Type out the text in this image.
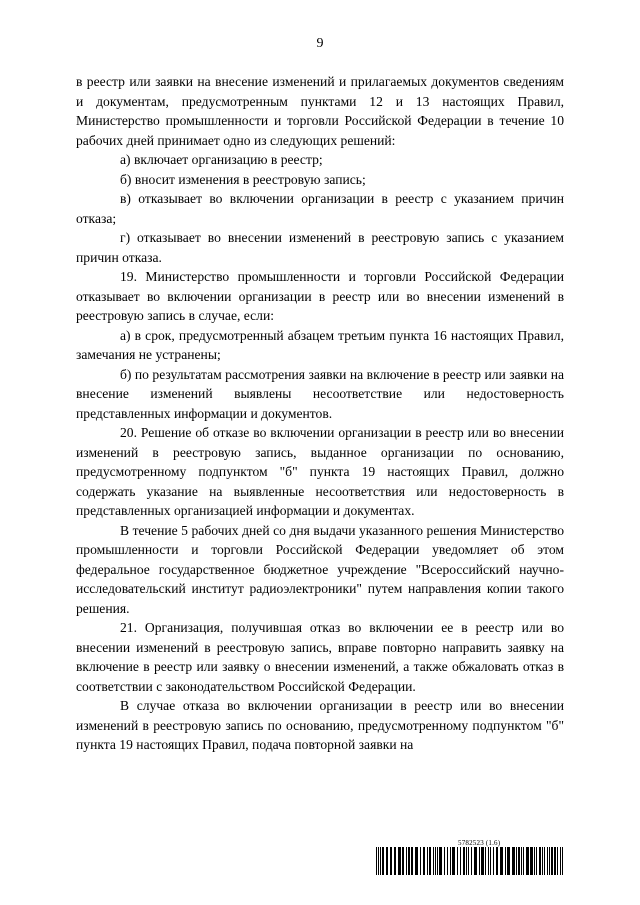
9

в реестр или заявки на внесение изменений и прилагаемых документов сведениям и документам, предусмотренным пунктами 12 и 13 настоящих Правил, Министерство промышленности и торговли Российской Федерации в течение 10 рабочих дней принимает одно из следующих решений:

а) включает организацию в реестр;

б) вносит изменения в реестровую запись;

в) отказывает во включении организации в реестр с указанием причин отказа;

г) отказывает во внесении изменений в реестровую запись с указанием причин отказа.

19. Министерство промышленности и торговли Российской Федерации отказывает во включении организации в реестр или во внесении изменений в реестровую запись в случае, если:

а) в срок, предусмотренный абзацем третьим пункта 16 настоящих Правил, замечания не устранены;

б) по результатам рассмотрения заявки на включение в реестр или заявки на внесение изменений выявлены несоответствие или недостоверность представленных информации и документов.

20. Решение об отказе во включении организации в реестр или во внесении изменений в реестровую запись, выданное организации по основанию, предусмотренному подпунктом "б" пункта 19 настоящих Правил, должно содержать указание на выявленные несоответствия или недостоверность в представленных организацией информации и документах.

В течение 5 рабочих дней со дня выдачи указанного решения Министерство промышленности и торговли Российской Федерации уведомляет об этом федеральное государственное бюджетное учреждение "Всероссийский научно-исследовательский институт радиоэлектроники" путем направления копии такого решения.

21. Организация, получившая отказ во включении ее в реестр или во внесении изменений в реестровую запись, вправе повторно направить заявку на включение в реестр или заявку о внесении изменений, а также обжаловать отказ в соответствии с законодательством Российской Федерации.

В случае отказа во включении организации в реестр или во внесении изменений в реестровую запись по основанию, предусмотренному подпунктом "б" пункта 19 настоящих Правил, подача повторной заявки на

5782523 (1.6)
